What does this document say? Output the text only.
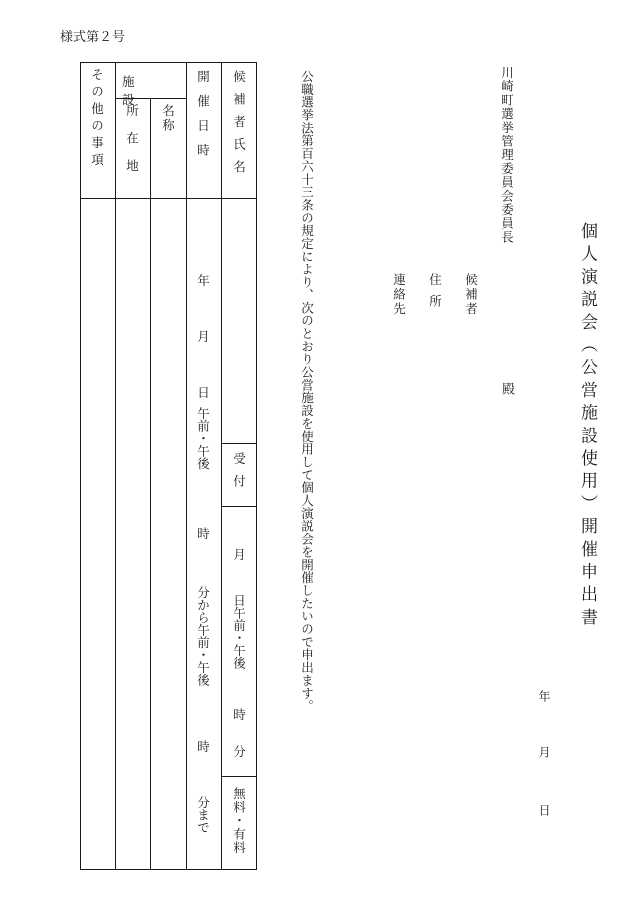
様式第２号
個人演説会（公営施設使用）開催申出書
年
月
日
川崎町選挙管理委員会委員長
殿
候補者
住所
連絡先
公職選挙法第百六十三条の規定により、次のとおり公営施設を使用して個人演説会を開催したいので申出ます。
候補者氏名
開催日時
施設
名称
所在地
その他の事項
受付
月
日午前・午後
時
分
無料・有料
年
月
日
午前・午後
時
分から午前・午後
時
分まで
